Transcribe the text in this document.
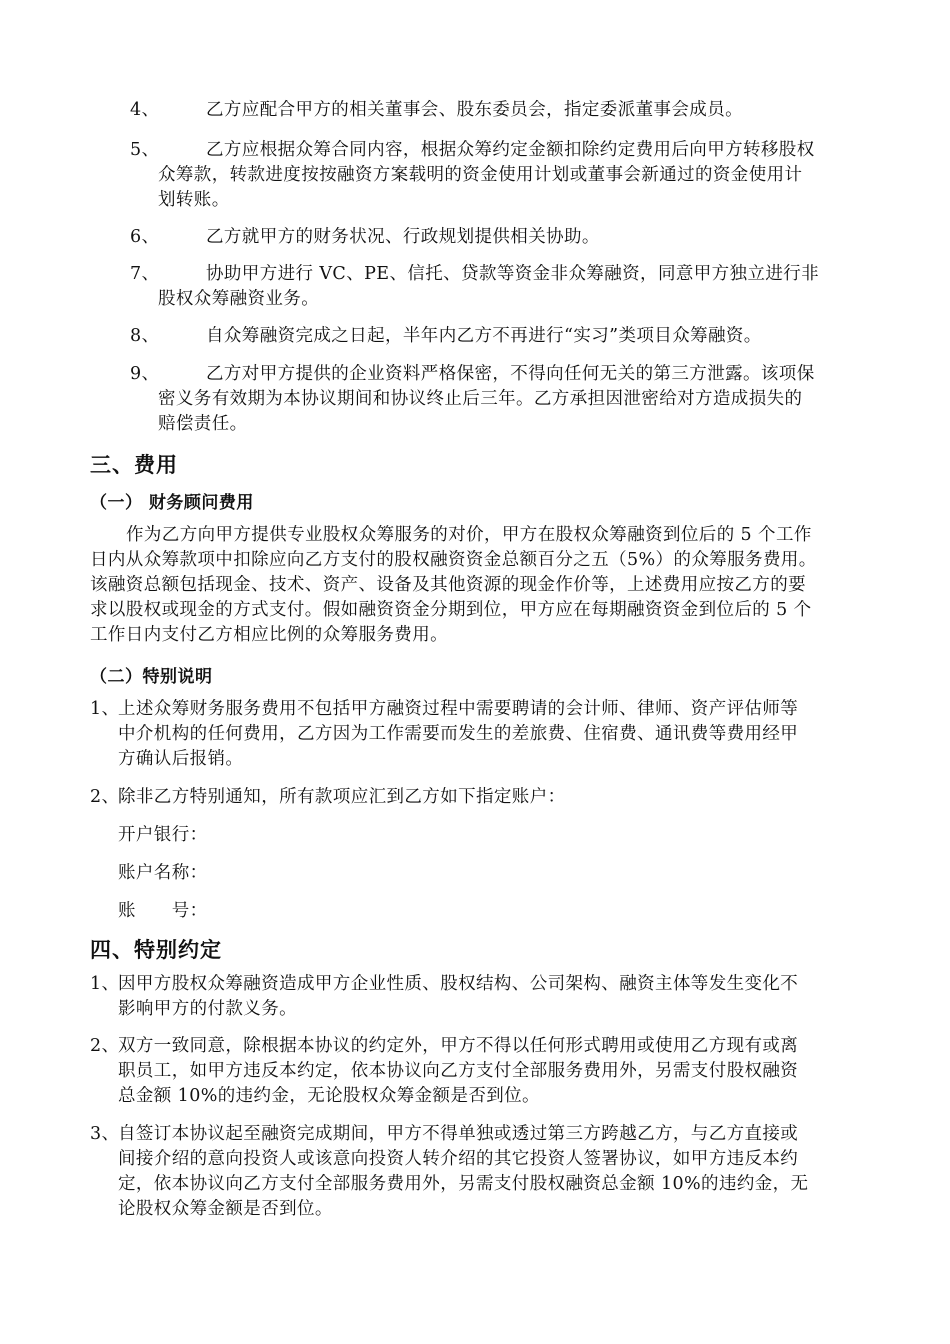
4、	乙方应配合甲方的相关董事会、股东委员会，指定委派董事会成员。
5、	乙方应根据众筹合同内容，根据众筹约定金额扣除约定费用后向甲方转移股权
众筹款，转款进度按按融资方案载明的资金使用计划或董事会新通过的资金使用计
划转账。
6、	乙方就甲方的财务状况、行政规划提供相关协助。
7、	协助甲方进行 VC、PE、信托、贷款等资金非众筹融资，同意甲方独立进行非
股权众筹融资业务。
8、	自众筹融资完成之日起，半年内乙方不再进行“实习”类项目众筹融资。
9、	乙方对甲方提供的企业资料严格保密，不得向任何无关的第三方泄露。该项保
密义务有效期为本协议期间和协议终止后三年。乙方承担因泄密给对方造成损失的
赔偿责任。
三、费用
（一） 财务顾问费用
作为乙方向甲方提供专业股权众筹服务的对价，甲方在股权众筹融资到位后的 5 个工作
日内从众筹款项中扣除应向乙方支付的股权融资资金总额百分之五（5%）的众筹服务费用。
该融资总额包括现金、技术、资产、设备及其他资源的现金作价等，上述费用应按乙方的要
求以股权或现金的方式支付。假如融资资金分期到位，甲方应在每期融资资金到位后的 5 个
工作日内支付乙方相应比例的众筹服务费用。
（二）特别说明
1、
上述众筹财务服务费用不包括甲方融资过程中需要聘请的会计师、律师、资产评估师等
中介机构的任何费用，乙方因为工作需要而发生的差旅费、住宿费、通讯费等费用经甲
方确认后报销。
2、
除非乙方特别通知，所有款项应汇到乙方如下指定账户：
开户银行：
账户名称：
账　　号：
四、特别约定
1、
因甲方股权众筹融资造成甲方企业性质、股权结构、公司架构、融资主体等发生变化不
影响甲方的付款义务。
2、
双方一致同意，除根据本协议的约定外，甲方不得以任何形式聘用或使用乙方现有或离
职员工，如甲方违反本约定，依本协议向乙方支付全部服务费用外，另需支付股权融资
总金额 10%的违约金，无论股权众筹金额是否到位。
3、
自签订本协议起至融资完成期间，甲方不得单独或透过第三方跨越乙方，与乙方直接或
间接介绍的意向投资人或该意向投资人转介绍的其它投资人签署协议，如甲方违反本约
定，依本协议向乙方支付全部服务费用外，另需支付股权融资总金额 10%的违约金，无
论股权众筹金额是否到位。
